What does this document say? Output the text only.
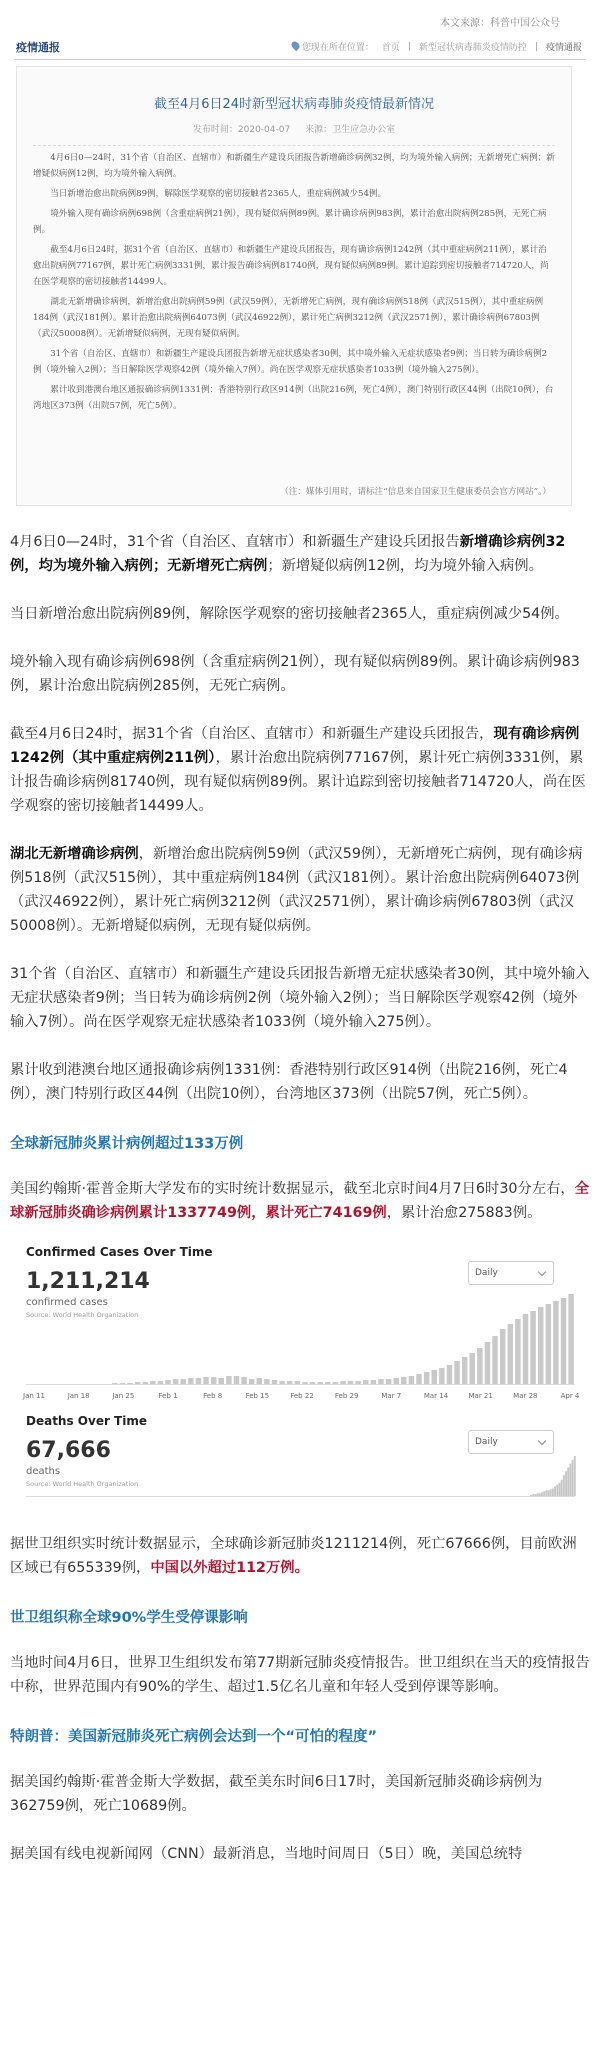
本文来源：科普中国公众号
疫情通报	您现在所在位置： 首页 | 新型冠状病毒肺炎疫情防控 | 疫情通报
截至4月6日24时新型冠状病毒肺炎疫情最新情况
发布时间：2020-04-07 来源：卫生应急办公室
4月6日0—24时，31个省（自治区、直辖市）和新疆生产建设兵团报告新增确诊病例32例，均为境外输入病例；无新增死亡病例；新增疑似病例12例，均为境外输入病例。
当日新增治愈出院病例89例，解除医学观察的密切接触者2365人，重症病例减少54例。
境外输入现有确诊病例698例（含重症病例21例），现有疑似病例89例。累计确诊病例983例，累计治愈出院病例285例，无死亡病例。
截至4月6日24时，据31个省（自治区、直辖市）和新疆生产建设兵团报告，现有确诊病例1242例（其中重症病例211例），累计治愈出院病例77167例，累计死亡病例3331例，累计报告确诊病例81740例，现有疑似病例89例。累计追踪到密切接触者714720人，尚在医学观察的密切接触者14499人。
湖北无新增确诊病例，新增治愈出院病例59例（武汉59例），无新增死亡病例，现有确诊病例518例（武汉515例），其中重症病例184例（武汉181例）。累计治愈出院病例64073例（武汉46922例），累计死亡病例3212例（武汉2571例），累计确诊病例67803例（武汉50008例）。无新增疑似病例，无现有疑似病例。
31个省（自治区、直辖市）和新疆生产建设兵团报告新增无症状感染者30例，其中境外输入无症状感染者9例；当日转为确诊病例2例（境外输入2例）；当日解除医学观察42例（境外输入7例）。尚在医学观察无症状感染者1033例（境外输入275例）。
累计收到港澳台地区通报确诊病例1331例：香港特别行政区914例（出院216例，死亡4例），澳门特别行政区44例（出院10例），台湾地区373例（出院57例，死亡5例）。
（注：媒体引用时，请标注“信息来自国家卫生健康委员会官方网站”。）

4月6日0—24时，31个省（自治区、直辖市）和新疆生产建设兵团报告新增确诊病例32例，均为境外输入病例；无新增死亡病例；新增疑似病例12例，均为境外输入病例。

当日新增治愈出院病例89例，解除医学观察的密切接触者2365人，重症病例减少54例。

境外输入现有确诊病例698例（含重症病例21例），现有疑似病例89例。累计确诊病例983例，累计治愈出院病例285例，无死亡病例。

截至4月6日24时，据31个省（自治区、直辖市）和新疆生产建设兵团报告，现有确诊病例1242例（其中重症病例211例），累计治愈出院病例77167例，累计死亡病例3331例，累计报告确诊病例81740例，现有疑似病例89例。累计追踪到密切接触者714720人，尚在医学观察的密切接触者14499人。

湖北无新增确诊病例，新增治愈出院病例59例（武汉59例），无新增死亡病例，现有确诊病例518例（武汉515例），其中重症病例184例（武汉181例）。累计治愈出院病例64073例（武汉46922例），累计死亡病例3212例（武汉2571例），累计确诊病例67803例（武汉50008例）。无新增疑似病例，无现有疑似病例。

31个省（自治区、直辖市）和新疆生产建设兵团报告新增无症状感染者30例，其中境外输入无症状感染者9例；当日转为确诊病例2例（境外输入2例）；当日解除医学观察42例（境外输入7例）。尚在医学观察无症状感染者1033例（境外输入275例）。

累计收到港澳台地区通报确诊病例1331例：香港特别行政区914例（出院216例，死亡4例），澳门特别行政区44例（出院10例），台湾地区373例（出院57例，死亡5例）。

全球新冠肺炎累计病例超过133万例

美国约翰斯·霍普金斯大学发布的实时统计数据显示，截至北京时间4月7日6时30分左右，全球新冠肺炎确诊病例累计1337749例，累计死亡74169例，累计治愈275883例。

Confirmed Cases Over Time
1,211,214
confirmed cases
Source: World Health Organization
Daily
Jan 11	Jan 18	Jan 25	Feb 1	Feb 8	Feb 15	Feb 22	Feb 29	Mar 7	Mar 14	Mar 21	Mar 28	Apr 4
Deaths Over Time
67,666
deaths
Source: World Health Organization
Daily

据世卫组织实时统计数据显示，全球确诊新冠肺炎1211214例，死亡67666例，目前欧洲区域已有655339例，中国以外超过112万例。

世卫组织称全球90%学生受停课影响

当地时间4月6日，世界卫生组织发布第77期新冠肺炎疫情报告。世卫组织在当天的疫情报告中称，世界范围内有90%的学生、超过1.5亿名儿童和年轻人受到停课等影响。

特朗普：美国新冠肺炎死亡病例会达到一个“可怕的程度”

据美国约翰斯·霍普金斯大学数据，截至美东时间6日17时，美国新冠肺炎确诊病例为362759例，死亡10689例。

据美国有线电视新闻网（CNN）最新消息，当地时间周日（5日）晚，美国总统特
